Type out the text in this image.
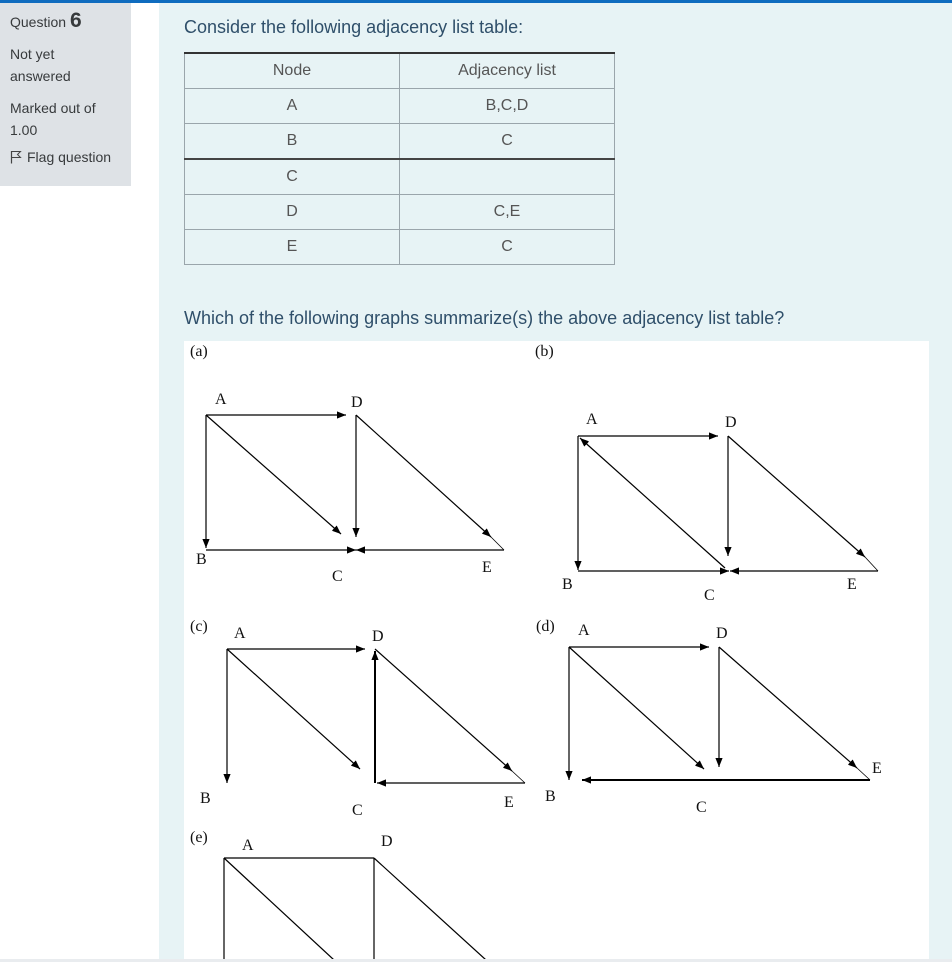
Question 6
Not yet
answered
Marked out of
1.00
Flag question
Consider the following adjacency list table:
Node	Adjacency list
A	B,C,D
B	C
C	
D	C,E
E	C
Which of the following graphs summarize(s) the above adjacency list table?
(a)
A
B
C
D
E
(b)
A
B
C
D
E
(c) A
B
C
D
E
(d) A
B
C
D
E
(e) A	D
